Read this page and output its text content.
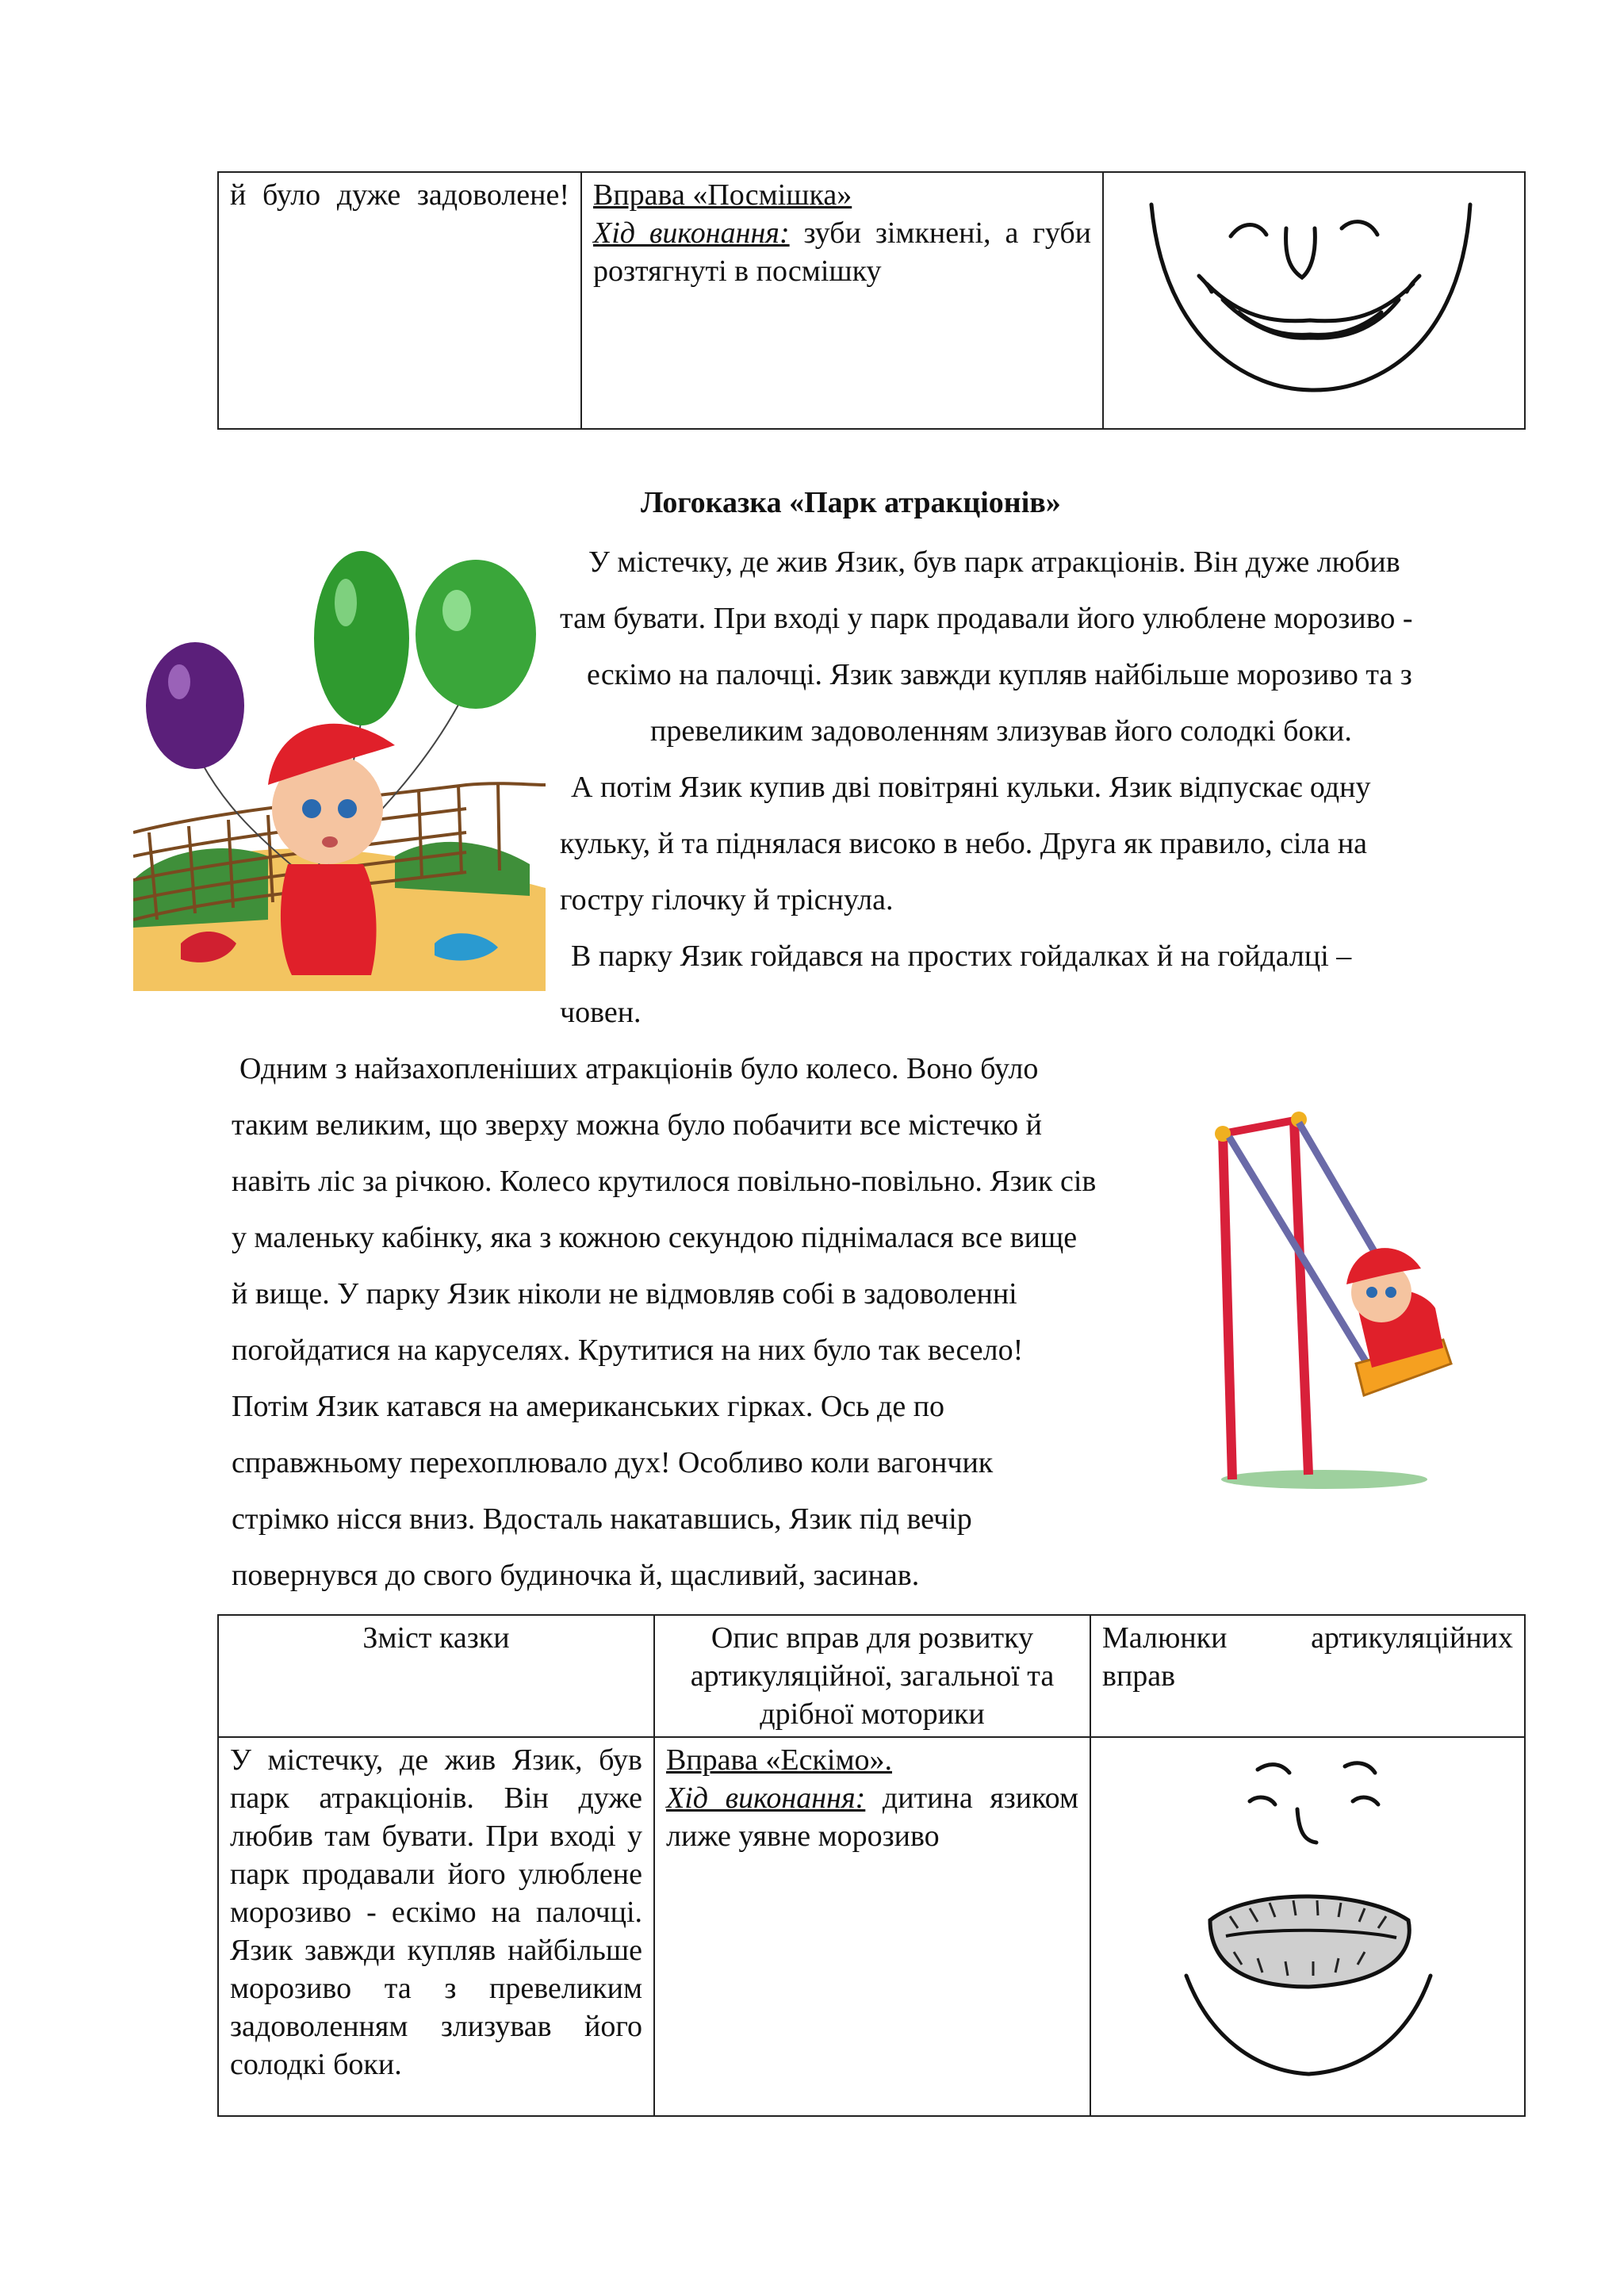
й було дуже задоволене!	Вправа «Посмішка»
Хід виконання: зуби зімкнені, а губи розтягнуті в посмішку

Логоказка «Парк атракціонів»
У містечку, де жив Язик, був парк атракціонів. Він дуже любив
там бувати. При вході у парк продавали його улюблене морозиво -
ескімо на палочці. Язик завжди купляв найбільше морозиво та з
превеликим задоволенням злизував його солодкі боки.
А потім Язик купив дві повітряні кульки. Язик відпускає одну
кульку, й та піднялася високо в небо. Друга як правило, сіла на
гостру гілочку й тріснула.
В парку Язик гойдався на простих гойдалках й на гойдалці –
човен.
Одним з найзахопленіших атракціонів було колесо. Воно було
таким великим, що зверху можна було побачити все містечко й
навіть ліс за річкою. Колесо крутилося повільно-повільно. Язик сів
у маленьку кабінку, яка з кожною секундою піднімалася все вище
й вище. У парку Язик ніколи не відмовляв собі в задоволенні
погойдатися на каруселях. Крутитися на них було так весело!
Потім Язик катався на американських гірках. Ось де по
справжньому перехоплювало дух! Особливо коли вагончик
стрімко нісся вниз. Вдосталь накатавшись, Язик під вечір
повернувся до свого будиночка й, щасливий, засинав.
Зміст казки	Опис вправ для розвитку артикуляційної, загальної та дрібної моторики	Малюнки артикуляційних вправ

У містечку, де жив Язик, був парк атракціонів. Він дуже любив там бувати. При вході у парк продавали його улюблене морозиво - ескімо на палочці. Язик завжди купляв найбільше морозиво та з превеликим задоволенням злизував його солодкі боки.	Вправа «Ескімо».
Хід виконання: дитина язиком лиже уявне морозиво
